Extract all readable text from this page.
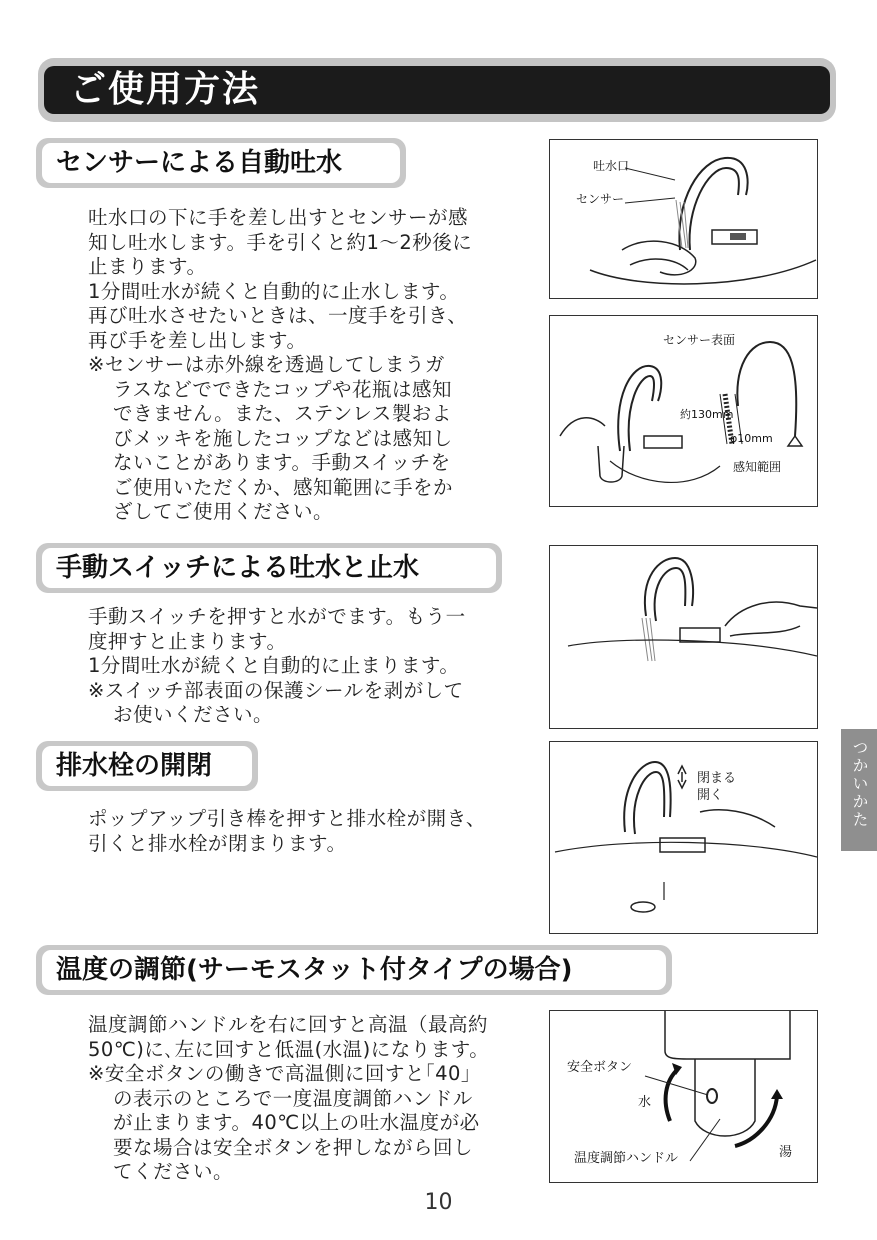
ご使用方法
センサーによる自動吐水

吐水口の下に手を差し出すとセンサーが感

知し吐水します。手を引くと約1～2秒後に

止まります。

1分間吐水が続くと自動的に止水します。

再び吐水させたいときは、一度手を引き、

再び手を差し出します。

※センサーは赤外線を透過してしまうガ

ラスなどでできたコップや花瓶は感知

できません。また、ステンレス製およ

びメッキを施したコップなどは感知し

ないことがあります。手動スイッチを

ご使用いただくか、感知範囲に手をか

ざしてご使用ください。

吐水口
センサー
センサー表面
約130mm
φ10mm
感知範囲
手動スイッチによる吐水と止水

手動スイッチを押すと水がでます。もう一

度押すと止まります。

1分間吐水が続くと自動的に止まります。

※スイッチ部表面の保護シールを剥がして

お使いください。

排水栓の開閉

ポップアップ引き棒を押すと排水栓が開き、

引くと排水栓が閉まります。

閉まる
開く
温度の調節(サーモスタット付タイプの場合)

温度調節ハンドルを右に回すと高温（最高約

50℃)に､左に回すと低温(水温)になります。

※安全ボタンの働きで高温側に回すと｢40｣

の表示のところで一度温度調節ハンドル

が止まります。40℃以上の吐水温度が必

要な場合は安全ボタンを押しながら回し

てください。

安全ボタン
水
温度調節ハンドル	湯
つかいかた
10
